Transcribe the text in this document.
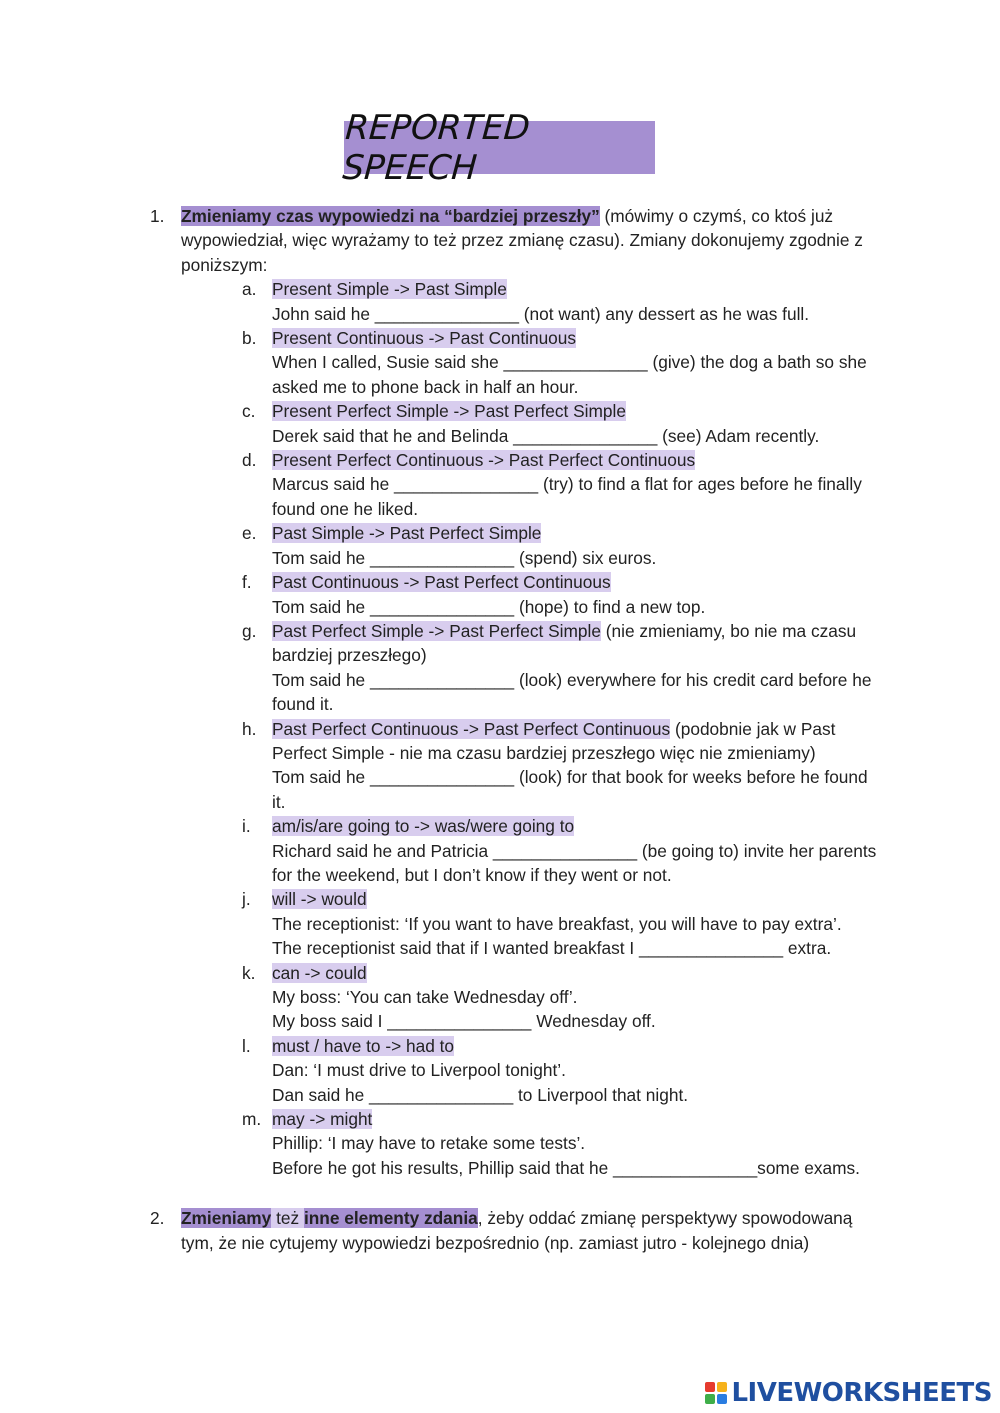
REPORTED SPEECH
1. Zmieniamy czas wypowiedzi na “bardziej przeszły” (mówimy o czymś, co ktoś już wypowiedział, więc wyrażamy to też przez zmianę czasu). Zmiany dokonujemy zgodnie z poniższym:
a. Present Simple -> Past Simple
John said he _______________ (not want) any dessert as he was full.
b. Present Continuous -> Past Continuous
When I called, Susie said she _______________ (give) the dog a bath so she asked me to phone back in half an hour.
c. Present Perfect Simple -> Past Perfect Simple
Derek said that he and Belinda _______________ (see) Adam recently.
d. Present Perfect Continuous -> Past Perfect Continuous
Marcus said he _______________ (try) to find a flat for ages before he finally found one he liked.
e. Past Simple -> Past Perfect Simple
Tom said he _______________ (spend) six euros.
f.	Past Continuous -> Past Perfect Continuous
Tom said he _______________ (hope) to find a new top.
g. Past Perfect Simple -> Past Perfect Simple (nie zmieniamy, bo nie ma czasu bardziej przeszłego)
Tom said he _______________ (look) everywhere for his credit card before he found it.
h. Past Perfect Continuous -> Past Perfect Continuous (podobnie jak w Past Perfect Simple - nie ma czasu bardziej przeszłego więc nie zmieniamy)
Tom said he _______________ (look) for that book for weeks before he found it.
i.	am/is/are going to -> was/were going to
Richard said he and Patricia _______________ (be going to) invite her parents for the weekend, but I don’t know if they went or not.
j.	will -> would
The receptionist: ‘If you want to have breakfast, you will have to pay extra’.
The receptionist said that if I wanted breakfast I _______________ extra.
k. can -> could
My boss: ‘You can take Wednesday off’.
My boss said I _______________ Wednesday off.
l.	must / have to -> had to
Dan: ‘I must drive to Liverpool tonight’.
Dan said he _______________ to Liverpool that night.
m. may -> might
Phillip: ‘I may have to retake some tests’.
Before he got his results, Phillip said that he _______________some exams.
2. Zmieniamy też inne elementy zdania, żeby oddać zmianę perspektywy spowodowaną tym, że nie cytujemy wypowiedzi bezpośrednio (np. zamiast jutro - kolejnego dnia)
LIVEWORKSHEETS
